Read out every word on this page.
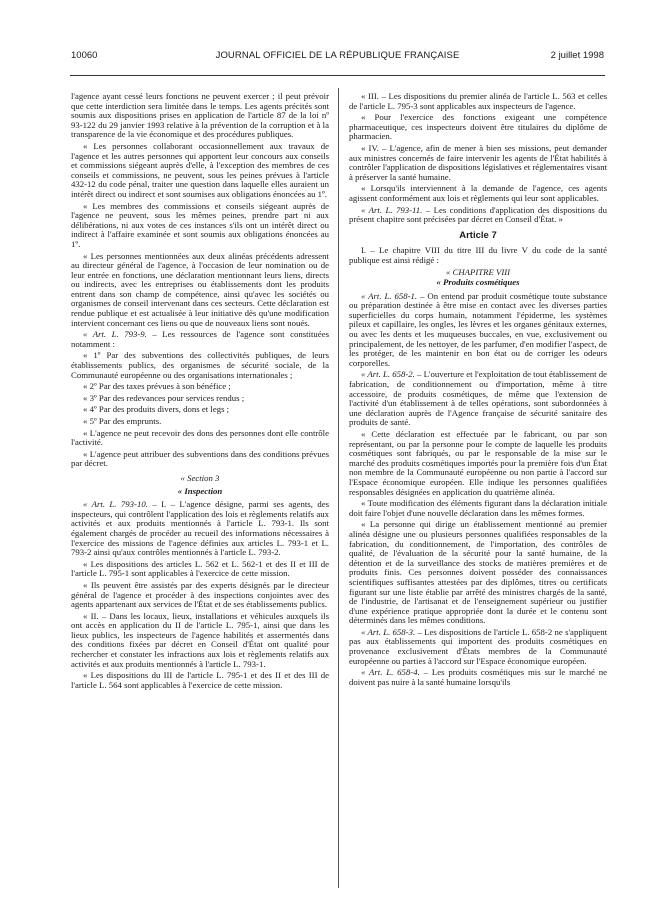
10060	JOURNAL OFFICIEL DE LA RÉPUBLIQUE FRANÇAISE	2 juillet 1998

l'agence ayant cessé leurs fonctions ne peuvent exercer ; il peut prévoir que cette interdiction sera limitée dans le temps. Les agents précités sont soumis aux dispositions prises en application de l'article 87 de la loi nº 93-122 du 29 janvier 1993 relative à la prévention de la corruption et à la transparence de la vie économique et des procédures publiques.

« Les personnes collaborant occasionnellement aux travaux de l'agence et les autres personnes qui apportent leur concours aux conseils et commissions siégeant auprès d'elle, à l'exception des membres de ces conseils et commissions, ne peuvent, sous les peines prévues à l'article 432-12 du code pénal, traiter une question dans laquelle elles auraient un intérêt direct ou indirect et sont soumises aux obligations énoncées au 1º.

« Les membres des commissions et conseils siégeant auprès de l'agence ne peuvent, sous les mêmes peines, prendre part ni aux délibérations, ni aux votes de ces instances s'ils ont un intérêt direct ou indirect à l'affaire examinée et sont soumis aux obligations énoncées au 1º.

« Les personnes mentionnées aux deux alinéas précédents adressent au directeur général de l'agence, à l'occasion de leur nomination ou de leur entrée en fonctions, une déclaration mentionnant leurs liens, directs ou indirects, avec les entreprises ou établissements dont les produits entrent dans son champ de compétence, ainsi qu'avec les sociétés ou organismes de conseil intervenant dans ces secteurs. Cette déclaration est rendue publique et est actualisée à leur initiative dès qu'une modification intervient concernant ces liens ou que de nouveaux liens sont noués.

« Art. L. 793-9. – Les ressources de l'agence sont constituées notamment :

« 1º Par des subventions des collectivités publiques, de leurs établissements publics, des organismes de sécurité sociale, de la Communauté européenne ou des organisations internationales ;

« 2º Par des taxes prévues à son bénéfice ;

« 3º Par des redevances pour services rendus ;

« 4º Par des produits divers, dons et legs ;

« 5º Par des emprunts.

« L'agence ne peut recevoir des dons des personnes dont elle contrôle l'activité.

« L'agence peut attribuer des subventions dans des conditions prévues par décret.

« Section 3
« Inspection

« Art. L. 793-10. – I. – L'agence désigne, parmi ses agents, des inspecteurs, qui contrôlent l'application des lois et règlements relatifs aux activités et aux produits mentionnés à l'article L. 793-1. Ils sont également chargés de procéder au recueil des informations nécessaires à l'exercice des missions de l'agence définies aux articles L. 793-1 et L. 793-2 ainsi qu'aux contrôles mentionnés à l'article L. 793-2.

« Les dispositions des articles L. 562 et L. 562-1 et des II et III de l'article L. 795-1 sont applicables à l'exercice de cette mission.

« Ils peuvent être assistés par des experts désignés par le directeur général de l'agence et procéder à des inspections conjointes avec des agents appartenant aux services de l'État et de ses établissements publics.

« II. – Dans les locaux, lieux, installations et véhicules auxquels ils ont accès en application du II de l'article L. 795-1, ainsi que dans les lieux publics, les inspecteurs de l'agence habilités et assermentés dans des conditions fixées par décret en Conseil d'État ont qualité pour rechercher et constater les infractions aux lois et règlements relatifs aux activités et aux produits mentionnés à l'article L. 793-1.

« Les dispositions du III de l'article L. 795-1 et des II et des III de l'article L. 564 sont applicables à l'exercice de cette mission.

« III. – Les dispositions du premier alinéa de l'article L. 563 et celles de l'article L. 795-3 sont applicables aux inspecteurs de l'agence.

« Pour l'exercice des fonctions exigeant une compétence pharmaceutique, ces inspecteurs doivent être titulaires du diplôme de pharmacien.

« IV. – L'agence, afin de mener à bien ses missions, peut demander aux ministres concernés de faire intervenir les agents de l'État habilités à contrôler l'application de dispositions législatives et réglementaires visant à préserver la santé humaine.

« Lorsqu'ils interviennent à la demande de l'agence, ces agents agissent conformément aux lois et règlements qui leur sont applicables.

« Art. L. 793-11. – Les conditions d'application des dispositions du présent chapitre sont précisées par décret en Conseil d'État. »

Article 7

I. – Le chapitre VIII du titre III du livre V du code de la santé publique est ainsi rédigé :

« CHAPITRE VIII
« Produits cosmétiques

« Art. L. 658-1. – On entend par produit cosmétique toute substance ou préparation destinée à être mise en contact avec les diverses parties superficielles du corps humain, notamment l'épiderme, les systèmes pileux et capillaire, les ongles, les lèvres et les organes génitaux externes, ou avec les dents et les muqueuses buccales, en vue, exclusivement ou principalement, de les nettoyer, de les parfumer, d'en modifier l'aspect, de les protéger, de les maintenir en bon état ou de corriger les odeurs corporelles.

« Art. L. 658-2. – L'ouverture et l'exploitation de tout établissement de fabrication, de conditionnement ou d'importation, même à titre accessoire, de produits cosmétiques, de même que l'extension de l'activité d'un établissement à de telles opérations, sont subordonnées à une déclaration auprès de l'Agence française de sécurité sanitaire des produits de santé.

« Cette déclaration est effectuée par le fabricant, ou par son représentant, ou par la personne pour le compte de laquelle les produits cosmétiques sont fabriqués, ou par le responsable de la mise sur le marché des produits cosmétiques importés pour la première fois d'un État non membre de la Communauté européenne ou non partie à l'accord sur l'Espace économique européen. Elle indique les personnes qualifiées responsables désignées en application du quatrième alinéa.

« Toute modification des éléments figurant dans la déclaration initiale doit faire l'objet d'une nouvelle déclaration dans les mêmes formes.

« La personne qui dirige un établissement mentionné au premier alinéa désigne une ou plusieurs personnes qualifiées responsables de la fabrication, du conditionnement, de l'importation, des contrôles de qualité, de l'évaluation de la sécurité pour la santé humaine, de la détention et de la surveillance des stocks de matières premières et de produits finis. Ces personnes doivent posséder des connaissances scientifiques suffisantes attestées par des diplômes, titres ou certificats figurant sur une liste établie par arrêté des ministres chargés de la santé, de l'industrie, de l'artisanat et de l'enseignement supérieur ou justifier d'une expérience pratique appropriée dont la durée et le contenu sont déterminés dans les mêmes conditions.

« Art. L. 658-3. – Les dispositions de l'article L. 658-2 ne s'appliquent pas aux établissements qui importent des produits cosmétiques en provenance exclusivement d'États membres de la Communauté européenne ou parties à l'accord sur l'Espace économique européen.

« Art. L. 658-4. – Les produits cosmétiques mis sur le marché ne doivent pas nuire à la santé humaine lorsqu'ils
